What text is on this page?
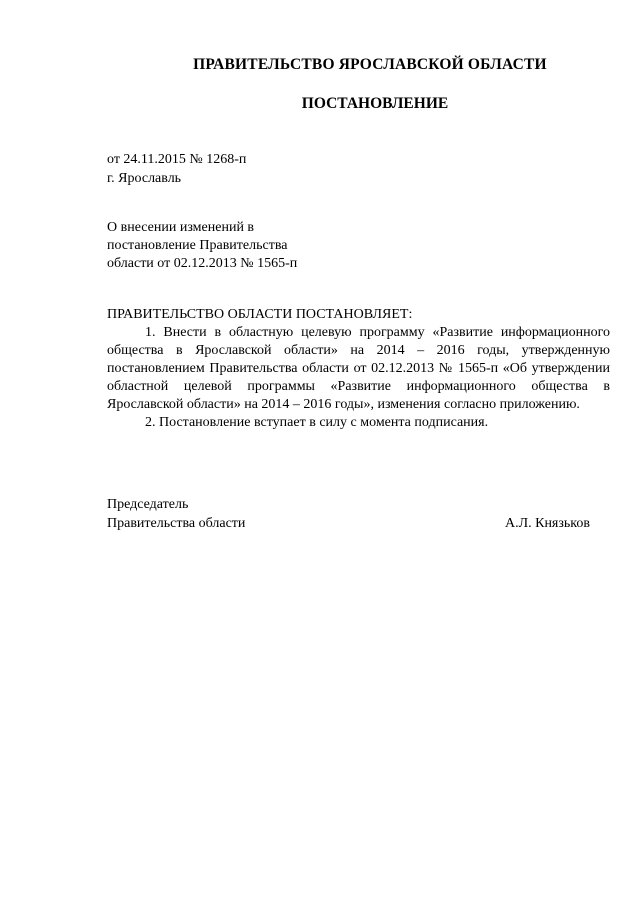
ПРАВИТЕЛЬСТВО ЯРОСЛАВСКОЙ ОБЛАСТИ
ПОСТАНОВЛЕНИЕ
от 24.11.2015 № 1268-п
г. Ярославль
О внесении изменений в
постановление Правительства
области от 02.12.2013 № 1565-п

ПРАВИТЕЛЬСТВО ОБЛАСТИ ПОСТАНОВЛЯЕТ:

1. Внести в областную целевую программу «Развитие информационного общества в Ярославской области» на 2014 – 2016 годы, утвержденную постановлением Правительства области от 02.12.2013 № 1565-п «Об утверждении областной целевой программы «Развитие информационного общества в Ярославской области» на 2014 – 2016 годы», изменения согласно приложению.

2. Постановление вступает в силу с момента подписания.

Председатель
Правительства области	А.Л. Князьков
